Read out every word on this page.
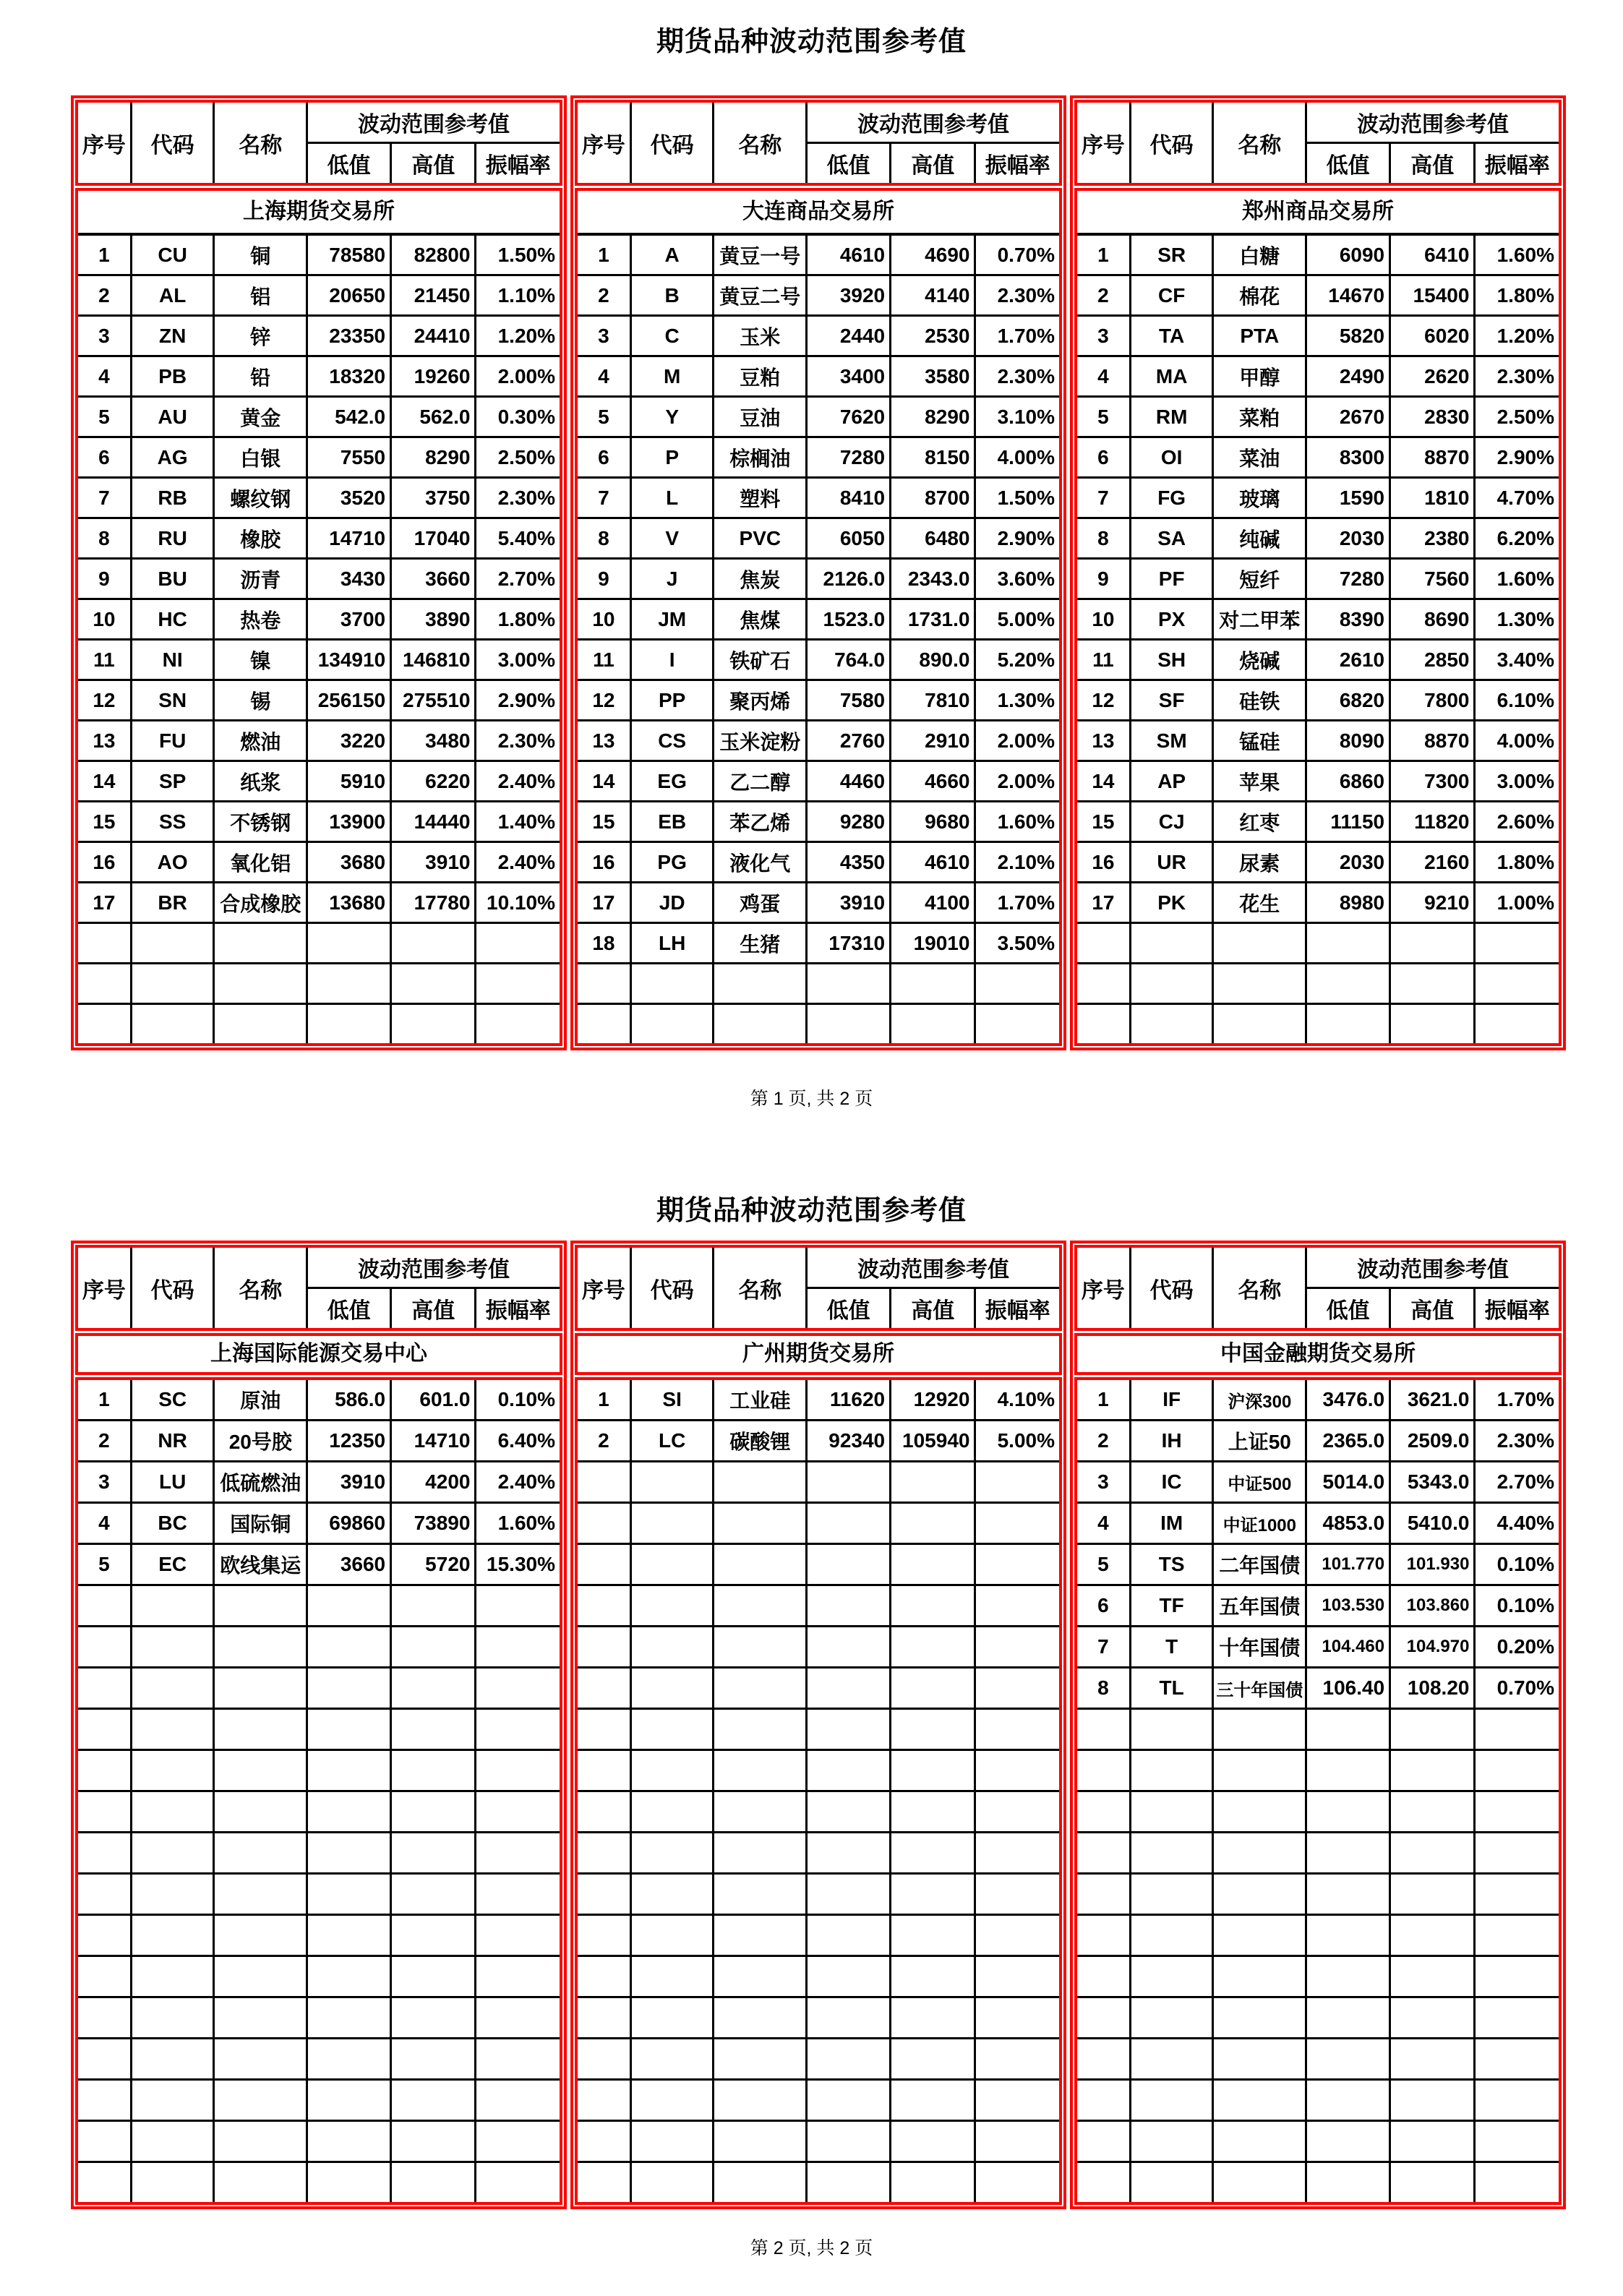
期货品种波动范围参考值
序号	代码	名称	波动范围参考值		
			低值	高值	振幅率
上海期货交易所
1	CU	铜	78580	82800	1.50%
2	AL	铝	20650	21450	1.10%
3	ZN	锌	23350	24410	1.20%
4	PB	铅	18320	19260	2.00%
5	AU	黄金	542.0	562.0	0.30%
6	AG	白银	7550	8290	2.50%
7	RB	螺纹钢	3520	3750	2.30%
8	RU	橡胶	14710	17040	5.40%
9	BU	沥青	3430	3660	2.70%
10	HC	热卷	3700	3890	1.80%
11	NI	镍	134910	146810	3.00%
12	SN	锡	256150	275510	2.90%
13	FU	燃油	3220	3480	2.30%
14	SP	纸浆	5910	6220	2.40%
15	SS	不锈钢	13900	14440	1.40%
16	AO	氧化铝	3680	3910	2.40%
17	BR	合成橡胶	13680	17780	10.10%

序号	代码	名称	波动范围参考值		
			低值	高值	振幅率
大连商品交易所
1	A	黄豆一号	4610	4690	0.70%
2	B	黄豆二号	3920	4140	2.30%
3	C	玉米	2440	2530	1.70%
4	M	豆粕	3400	3580	2.30%
5	Y	豆油	7620	8290	3.10%
6	P	棕榈油	7280	8150	4.00%
7	L	塑料	8410	8700	1.50%
8	V	PVC	6050	6480	2.90%
9	J	焦炭	2126.0	2343.0	3.60%
10	JM	焦煤	1523.0	1731.0	5.00%
11	I	铁矿石	764.0	890.0	5.20%
12	PP	聚丙烯	7580	7810	1.30%
13	CS	玉米淀粉	2760	2910	2.00%
14	EG	乙二醇	4460	4660	2.00%
15	EB	苯乙烯	9280	9680	1.60%
16	PG	液化气	4350	4610	2.10%
17	JD	鸡蛋	3910	4100	1.70%
18	LH	生猪	17310	19010	3.50%

序号	代码	名称	波动范围参考值		
			低值	高值	振幅率
郑州商品交易所
1	SR	白糖	6090	6410	1.60%
2	CF	棉花	14670	15400	1.80%
3	TA	PTA	5820	6020	1.20%
4	MA	甲醇	2490	2620	2.30%
5	RM	菜粕	2670	2830	2.50%
6	OI	菜油	8300	8870	2.90%
7	FG	玻璃	1590	1810	4.70%
8	SA	纯碱	2030	2380	6.20%
9	PF	短纤	7280	7560	1.60%
10	PX	对二甲苯	8390	8690	1.30%
11	SH	烧碱	2610	2850	3.40%
12	SF	硅铁	6820	7800	6.10%
13	SM	锰硅	8090	8870	4.00%
14	AP	苹果	6860	7300	3.00%
15	CJ	红枣	11150	11820	2.60%
16	UR	尿素	2030	2160	1.80%
17	PK	花生	8980	9210	1.00%

第 1 页, 共 2 页
期货品种波动范围参考值
序号	代码	名称	波动范围参考值		
			低值	高值	振幅率
上海国际能源交易中心
1	SC	原油	586.0	601.0	0.10%
2	NR	20号胶	12350	14710	6.40%
3	LU	低硫燃油	3910	4200	2.40%
4	BC	国际铜	69860	73890	1.60%
5	EC	欧线集运	3660	5720	15.30%

序号	代码	名称	波动范围参考值		
			低值	高值	振幅率
广州期货交易所
1	SI	工业硅	11620	12920	4.10%
2	LC	碳酸锂	92340	105940	5.00%

序号	代码	名称	波动范围参考值		
			低值	高值	振幅率
中国金融期货交易所
1	IF	沪深300	3476.0	3621.0	1.70%
2	IH	上证50	2365.0	2509.0	2.30%
3	IC	中证500	5014.0	5343.0	2.70%
4	IM	中证1000	4853.0	5410.0	4.40%
5	TS	二年国债	101.770	101.930	0.10%
6	TF	五年国债	103.530	103.860	0.10%
7	T	十年国债	104.460	104.970	0.20%
8	TL	三十年国债	106.40	108.20	0.70%

第 2 页, 共 2 页
